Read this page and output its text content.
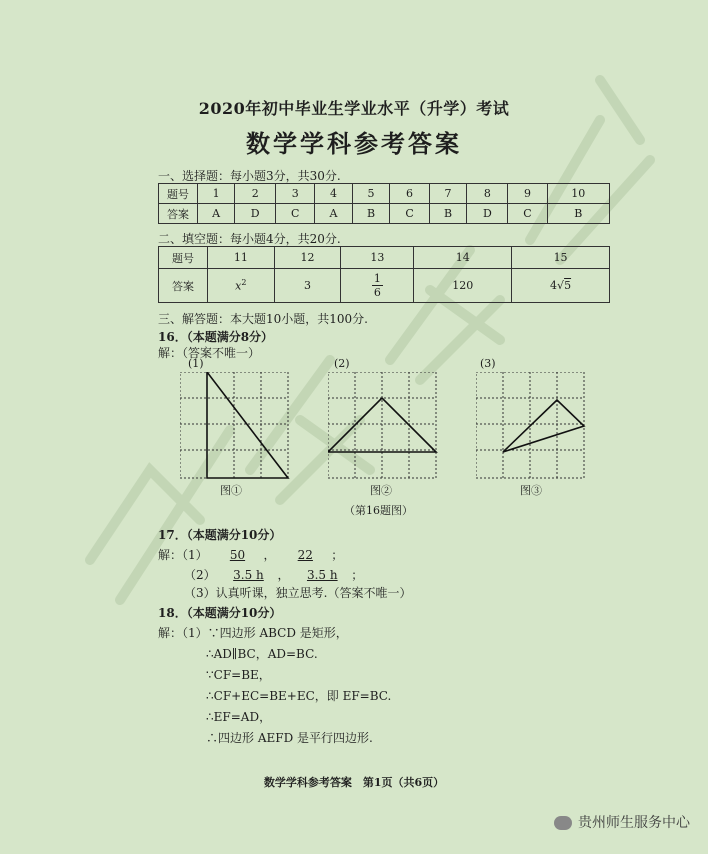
2020年初中毕业生学业水平（升学）考试
数学学科参考答案
一、选择题：每小题3分，共30分.
题号	1	2	3	4	5	6	7	8	9	10
答案	A	D	C	A	B	C	B	D	C	B
二、填空题：每小题4分，共20分.
题号	11	12	13	14	15
答案	$x^2$	3	$\frac{1}{6}$	120	4√5
三、解答题：本大题10小题，共100分.
16．（本题满分8分）
解：（答案不唯一）
(1)	(2)	(3)
图①	图②	图③
（第16题图）
17．（本题满分10分）
解：（1） 50 ， 22 ；
（2） 3.5 h ， 3.5 h ；
（3）认真听课，独立思考.（答案不唯一）
18．（本题满分10分）
解：（1）∵四边形 ABCD 是矩形，
∴AD∥BC，AD=BC.
∵CF=BE，
∴CF+EC=BE+EC，即 EF=BC.
∴EF=AD，
∴四边形 AEFD 是平行四边形.
数学学科参考答案　第1页（共6页）
贵州师生服务中心
